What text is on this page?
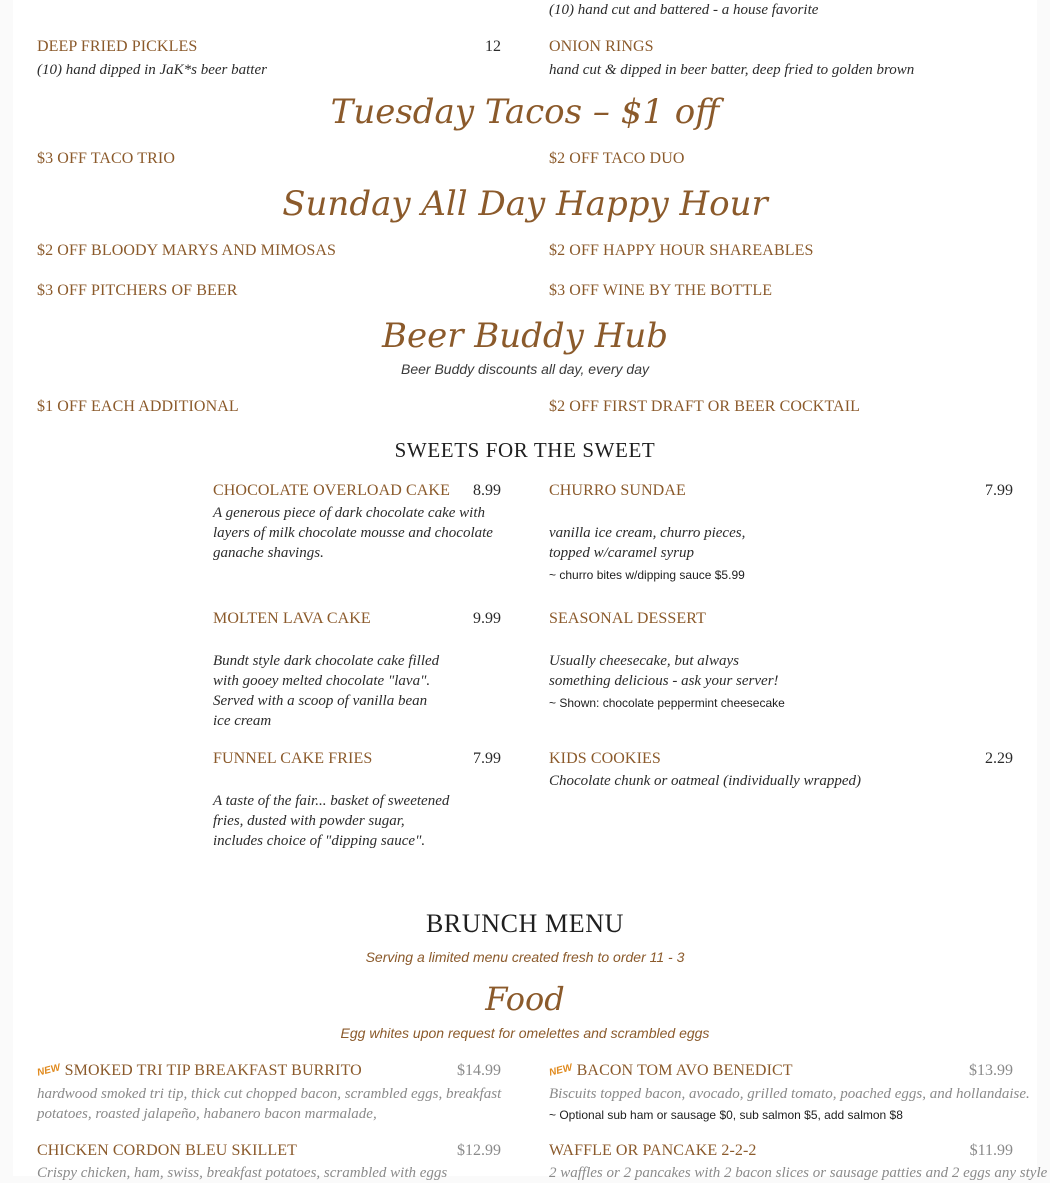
(10) hand cut and battered - a house favorite
DEEP FRIED PICKLES	12
(10) hand dipped in JaK*s beer batter
ONION RINGS
hand cut & dipped in beer batter, deep fried to golden brown
Tuesday Tacos – $1 off
$3 OFF TACO TRIO	$2 OFF TACO DUO
Sunday All Day Happy Hour
$2 OFF BLOODY MARYS AND MIMOSAS	$2 OFF HAPPY HOUR SHAREABLES
$3 OFF PITCHERS OF BEER	$3 OFF WINE BY THE BOTTLE
Beer Buddy Hub
Beer Buddy discounts all day, every day
$1 OFF EACH ADDITIONAL	$2 OFF FIRST DRAFT OR BEER COCKTAIL
SWEETS FOR THE SWEET
CHOCOLATE OVERLOAD CAKE	8.99
A generous piece of dark chocolate cake with
layers of milk chocolate mousse and chocolate
ganache shavings.
CHURRO SUNDAE	7.99
vanilla ice cream, churro pieces,
topped w/caramel syrup
~ churro bites w/dipping sauce $5.99
MOLTEN LAVA CAKE	9.99
Bundt style dark chocolate cake filled
with gooey melted chocolate "lava".
Served with a scoop of vanilla bean
ice cream
SEASONAL DESSERT
Usually cheesecake, but always
something delicious - ask your server!
~ Shown: chocolate peppermint cheesecake
FUNNEL CAKE FRIES	7.99
A taste of the fair... basket of sweetened
fries, dusted with powder sugar,
includes choice of "dipping sauce".
KIDS COOKIES	2.29
Chocolate chunk or oatmeal (individually wrapped)
BRUNCH MENU
Serving a limited menu created fresh to order 11 - 3
Food
Egg whites upon request for omelettes and scrambled eggs
NEW SMOKED TRI TIP BREAKFAST BURRITO	$14.99
hardwood smoked tri tip, thick cut chopped bacon, scrambled eggs, breakfast
potatoes, roasted jalapeño, habanero bacon marmalade,
NEW BACON TOM AVO BENEDICT	$13.99
Biscuits topped bacon, avocado, grilled tomato, poached eggs, and hollandaise.
~ Optional sub ham or sausage $0, sub salmon $5, add salmon $8
CHICKEN CORDON BLEU SKILLET	$12.99
Crispy chicken, ham, swiss, breakfast potatoes, scrambled with eggs
WAFFLE OR PANCAKE 2-2-2	$11.99
2 waffles or 2 pancakes with 2 bacon slices or sausage patties and 2 eggs any style
